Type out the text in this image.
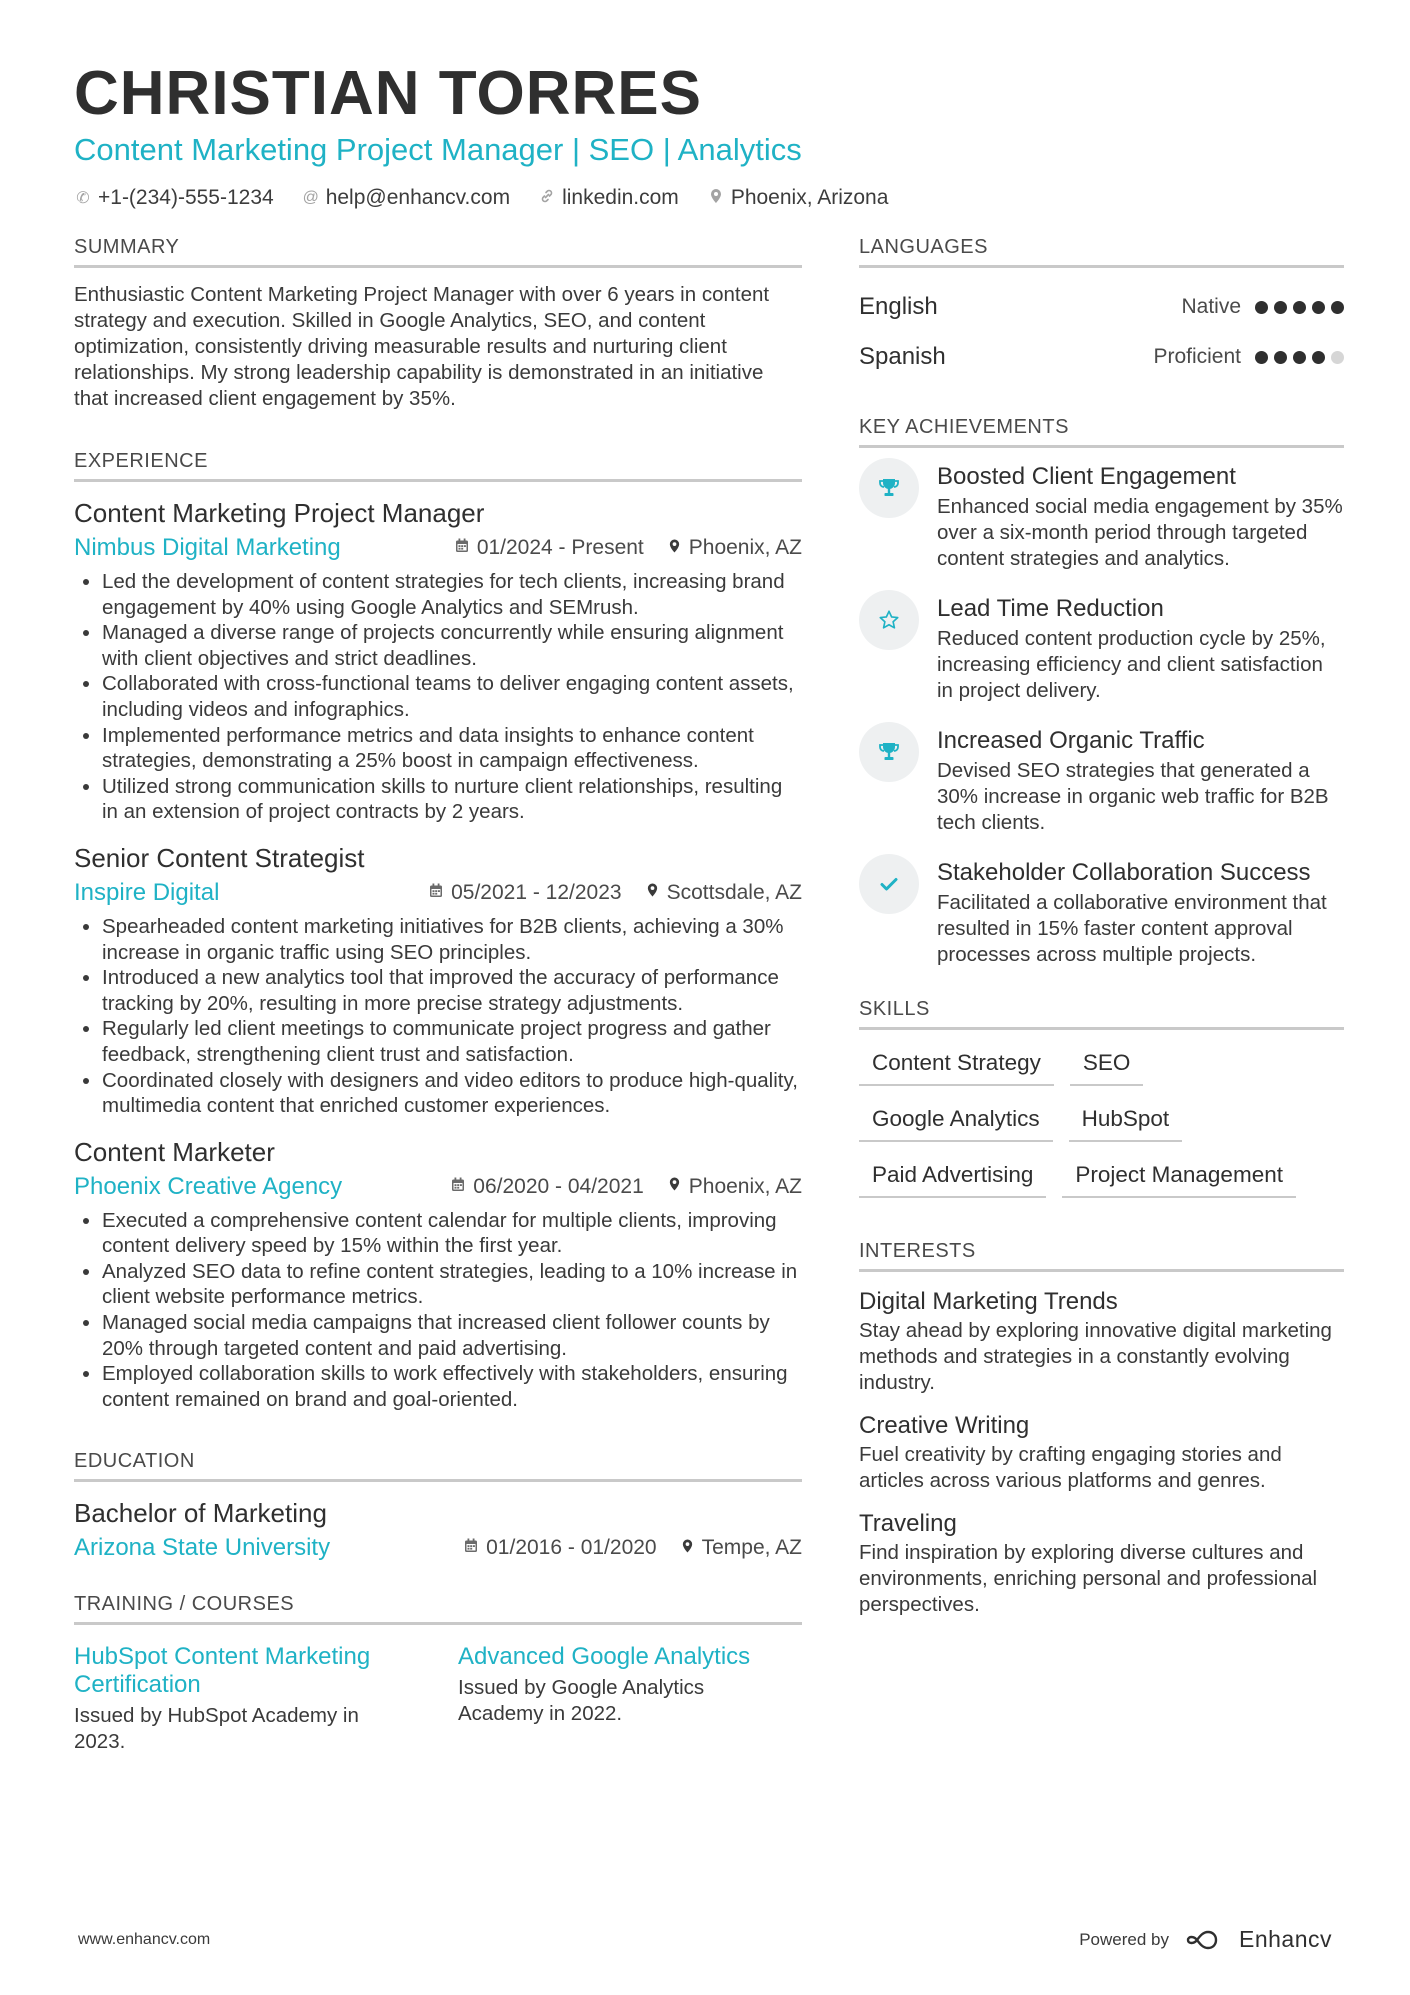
CHRISTIAN TORRES
Content Marketing Project Manager | SEO | Analytics
✆ +1-(234)-555-1234 @ help@enhancv.com linkedin.com Phoenix, Arizona
SUMMARY

Enthusiastic Content Marketing Project Manager with over 6 years in content strategy and execution. Skilled in Google Analytics, SEO, and content optimization, consistently driving measurable results and nurturing client relationships. My strong leadership capability is demonstrated in an initiative that increased client engagement by 35%.

EXPERIENCE
Content Marketing Project Manager
Nimbus Digital Marketing	01/2024 - Present Phoenix, AZ
• Led the development of content strategies for tech clients, increasing brand engagement by 40% using Google Analytics and SEMrush.
• Managed a diverse range of projects concurrently while ensuring alignment with client objectives and strict deadlines.
• Collaborated with cross-functional teams to deliver engaging content assets, including videos and infographics.
• Implemented performance metrics and data insights to enhance content strategies, demonstrating a 25% boost in campaign effectiveness.
• Utilized strong communication skills to nurture client relationships, resulting in an extension of project contracts by 2 years.
Senior Content Strategist
Inspire Digital	05/2021 - 12/2023 Scottsdale, AZ
• Spearheaded content marketing initiatives for B2B clients, achieving a 30% increase in organic traffic using SEO principles.
• Introduced a new analytics tool that improved the accuracy of performance tracking by 20%, resulting in more precise strategy adjustments.
• Regularly led client meetings to communicate project progress and gather feedback, strengthening client trust and satisfaction.
• Coordinated closely with designers and video editors to produce high-quality, multimedia content that enriched customer experiences.
Content Marketer
Phoenix Creative Agency	06/2020 - 04/2021 Phoenix, AZ
• Executed a comprehensive content calendar for multiple clients, improving content delivery speed by 15% within the first year.
• Analyzed SEO data to refine content strategies, leading to a 10% increase in client website performance metrics.
• Managed social media campaigns that increased client follower counts by 20% through targeted content and paid advertising.
• Employed collaboration skills to work effectively with stakeholders, ensuring content remained on brand and goal-oriented.
EDUCATION
Bachelor of Marketing
Arizona State University	01/2016 - 01/2020 Tempe, AZ
TRAINING / COURSES
HubSpot Content Marketing Certification
Issued by HubSpot Academy in 2023.
Advanced Google Analytics
Issued by Google Analytics Academy in 2022.
LANGUAGES
English	Native
Spanish	Proficient
KEY ACHIEVEMENTS
Boosted Client Engagement
Enhanced social media engagement by 35% over a six-month period through targeted content strategies and analytics.
Lead Time Reduction
Reduced content production cycle by 25%, increasing efficiency and client satisfaction in project delivery.
Increased Organic Traffic
Devised SEO strategies that generated a 30% increase in organic web traffic for B2B tech clients.
Stakeholder Collaboration Success
Facilitated a collaborative environment that resulted in 15% faster content approval processes across multiple projects.
SKILLS
Content Strategy	SEO
Google Analytics	HubSpot
Paid Advertising	Project Management
INTERESTS
Digital Marketing Trends
Stay ahead by exploring innovative digital marketing methods and strategies in a constantly evolving industry.
Creative Writing
Fuel creativity by crafting engaging stories and articles across various platforms and genres.
Traveling
Find inspiration by exploring diverse cultures and environments, enriching personal and professional perspectives.
www.enhancv.com	Powered by	Enhancv
